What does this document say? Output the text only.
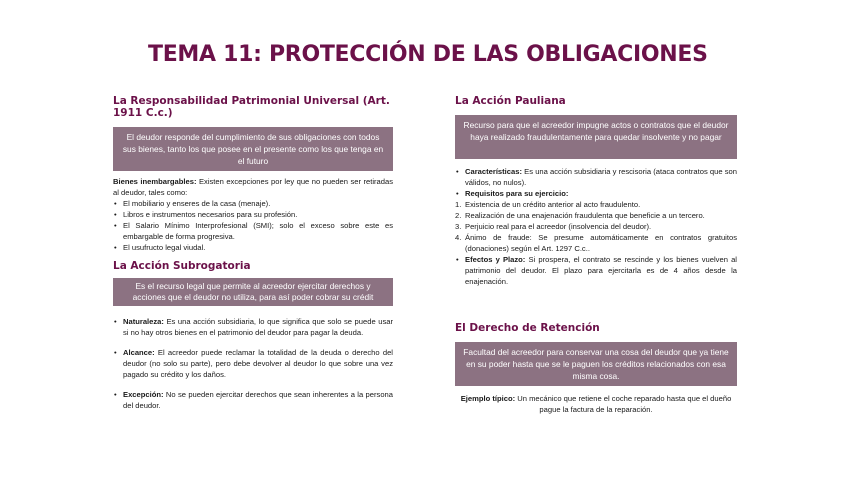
TEMA 11: PROTECCIÓN DE LAS OBLIGACIONES
La Responsabilidad Patrimonial Universal (Art. 1911 C.c.)
El deudor responde del cumplimiento de sus obligaciones con todos sus bienes, tanto los que posee en el presente como los que tenga en el futuro
Bienes inembargables: Existen excepciones por ley que no pueden ser retiradas al deudor, tales como:
• El mobiliario y enseres de la casa (menaje).
• Libros e instrumentos necesarios para su profesión.
• El Salario Mínimo Interprofesional (SMI); solo el exceso sobre este es embargable de forma progresiva.
• El usufructo legal viudal.
La Acción Subrogatoria
Es el recurso legal que permite al acreedor ejercitar derechos y acciones que el deudor no utiliza, para así poder cobrar su crédit
• Naturaleza: Es una acción subsidiaria, lo que significa que solo se puede usar si no hay otros bienes en el patrimonio del deudor para pagar la deuda.
• Alcance: El acreedor puede reclamar la totalidad de la deuda o derecho del deudor (no solo su parte), pero debe devolver al deudor lo que sobre una vez pagado su crédito y los daños.
• Excepción: No se pueden ejercitar derechos que sean inherentes a la persona del deudor.
La Acción Pauliana
Recurso para que el acreedor impugne actos o contratos que el deudor haya realizado fraudulentamente para quedar insolvente y no pagar
• Características: Es una acción subsidiaria y rescisoria (ataca contratos que son válidos, no nulos).
• Requisitos para su ejercicio:
1. Existencia de un crédito anterior al acto fraudulento.
2. Realización de una enajenación fraudulenta que beneficie a un tercero.
3. Perjuicio real para el acreedor (insolvencia del deudor).
4. Ánimo de fraude: Se presume automáticamente en contratos gratuitos (donaciones) según el Art. 1297 C.c..
• Efectos y Plazo: Si prospera, el contrato se rescinde y los bienes vuelven al patrimonio del deudor. El plazo para ejercitarla es de 4 años desde la enajenación.
El Derecho de Retención
Facultad del acreedor para conservar una cosa del deudor que ya tiene en su poder hasta que se le paguen los créditos relacionados con esa misma cosa.
Ejemplo típico: Un mecánico que retiene el coche reparado hasta que el dueño pague la factura de la reparación.
